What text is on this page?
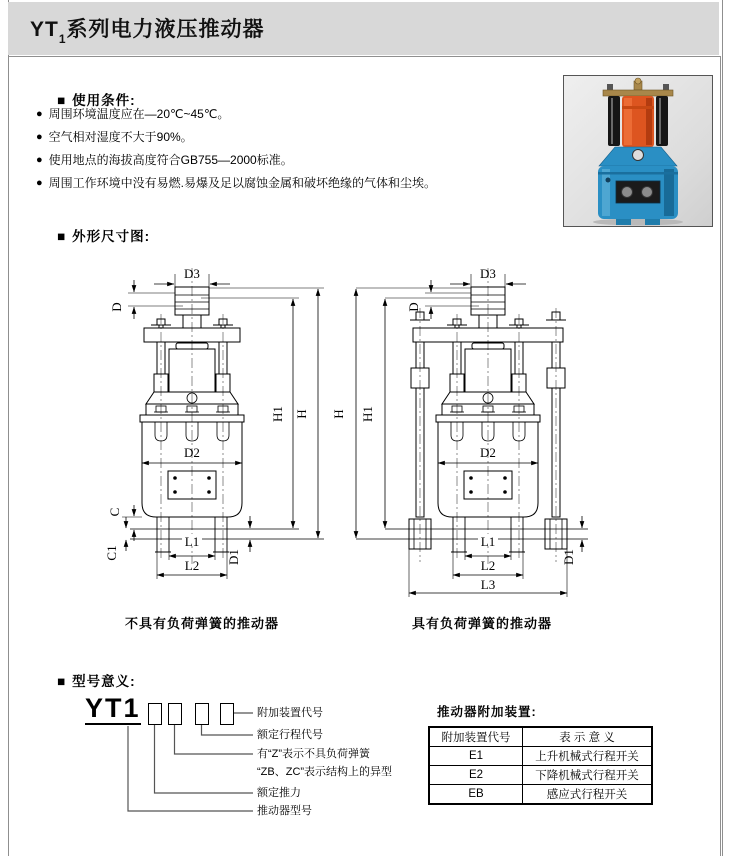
$YT_1$系列电力液压推动器
■ 使用条件:
● 周围环境温度应在—20℃~45℃。
● 空气相对湿度不大于90%。
● 使用地点的海拔高度符合GB755—2000标准。
● 周围工作环境中没有易燃.易爆及足以腐蚀金属和破坏绝缘的气体和尘埃。
■ 外形尺寸图:
D3
D
D2
C
C1
L1
L2
D1
H1 H
D3
D
D2
L1
L2
L3
D1
H H1
不具有负荷弹簧的推动器	具有负荷弹簧的推动器
■ 型号意义:
YT1	附加装置代号
额定行程代号
有“Z”表示不具负荷弹簧
“ZB、ZC”表示结构上的异型
额定推力
推动器型号
推动器附加装置:
附加装置代号	表 示 意 义
E1	上升机械式行程开关
E2	下降机械式行程开关
EB	感应式行程开关
